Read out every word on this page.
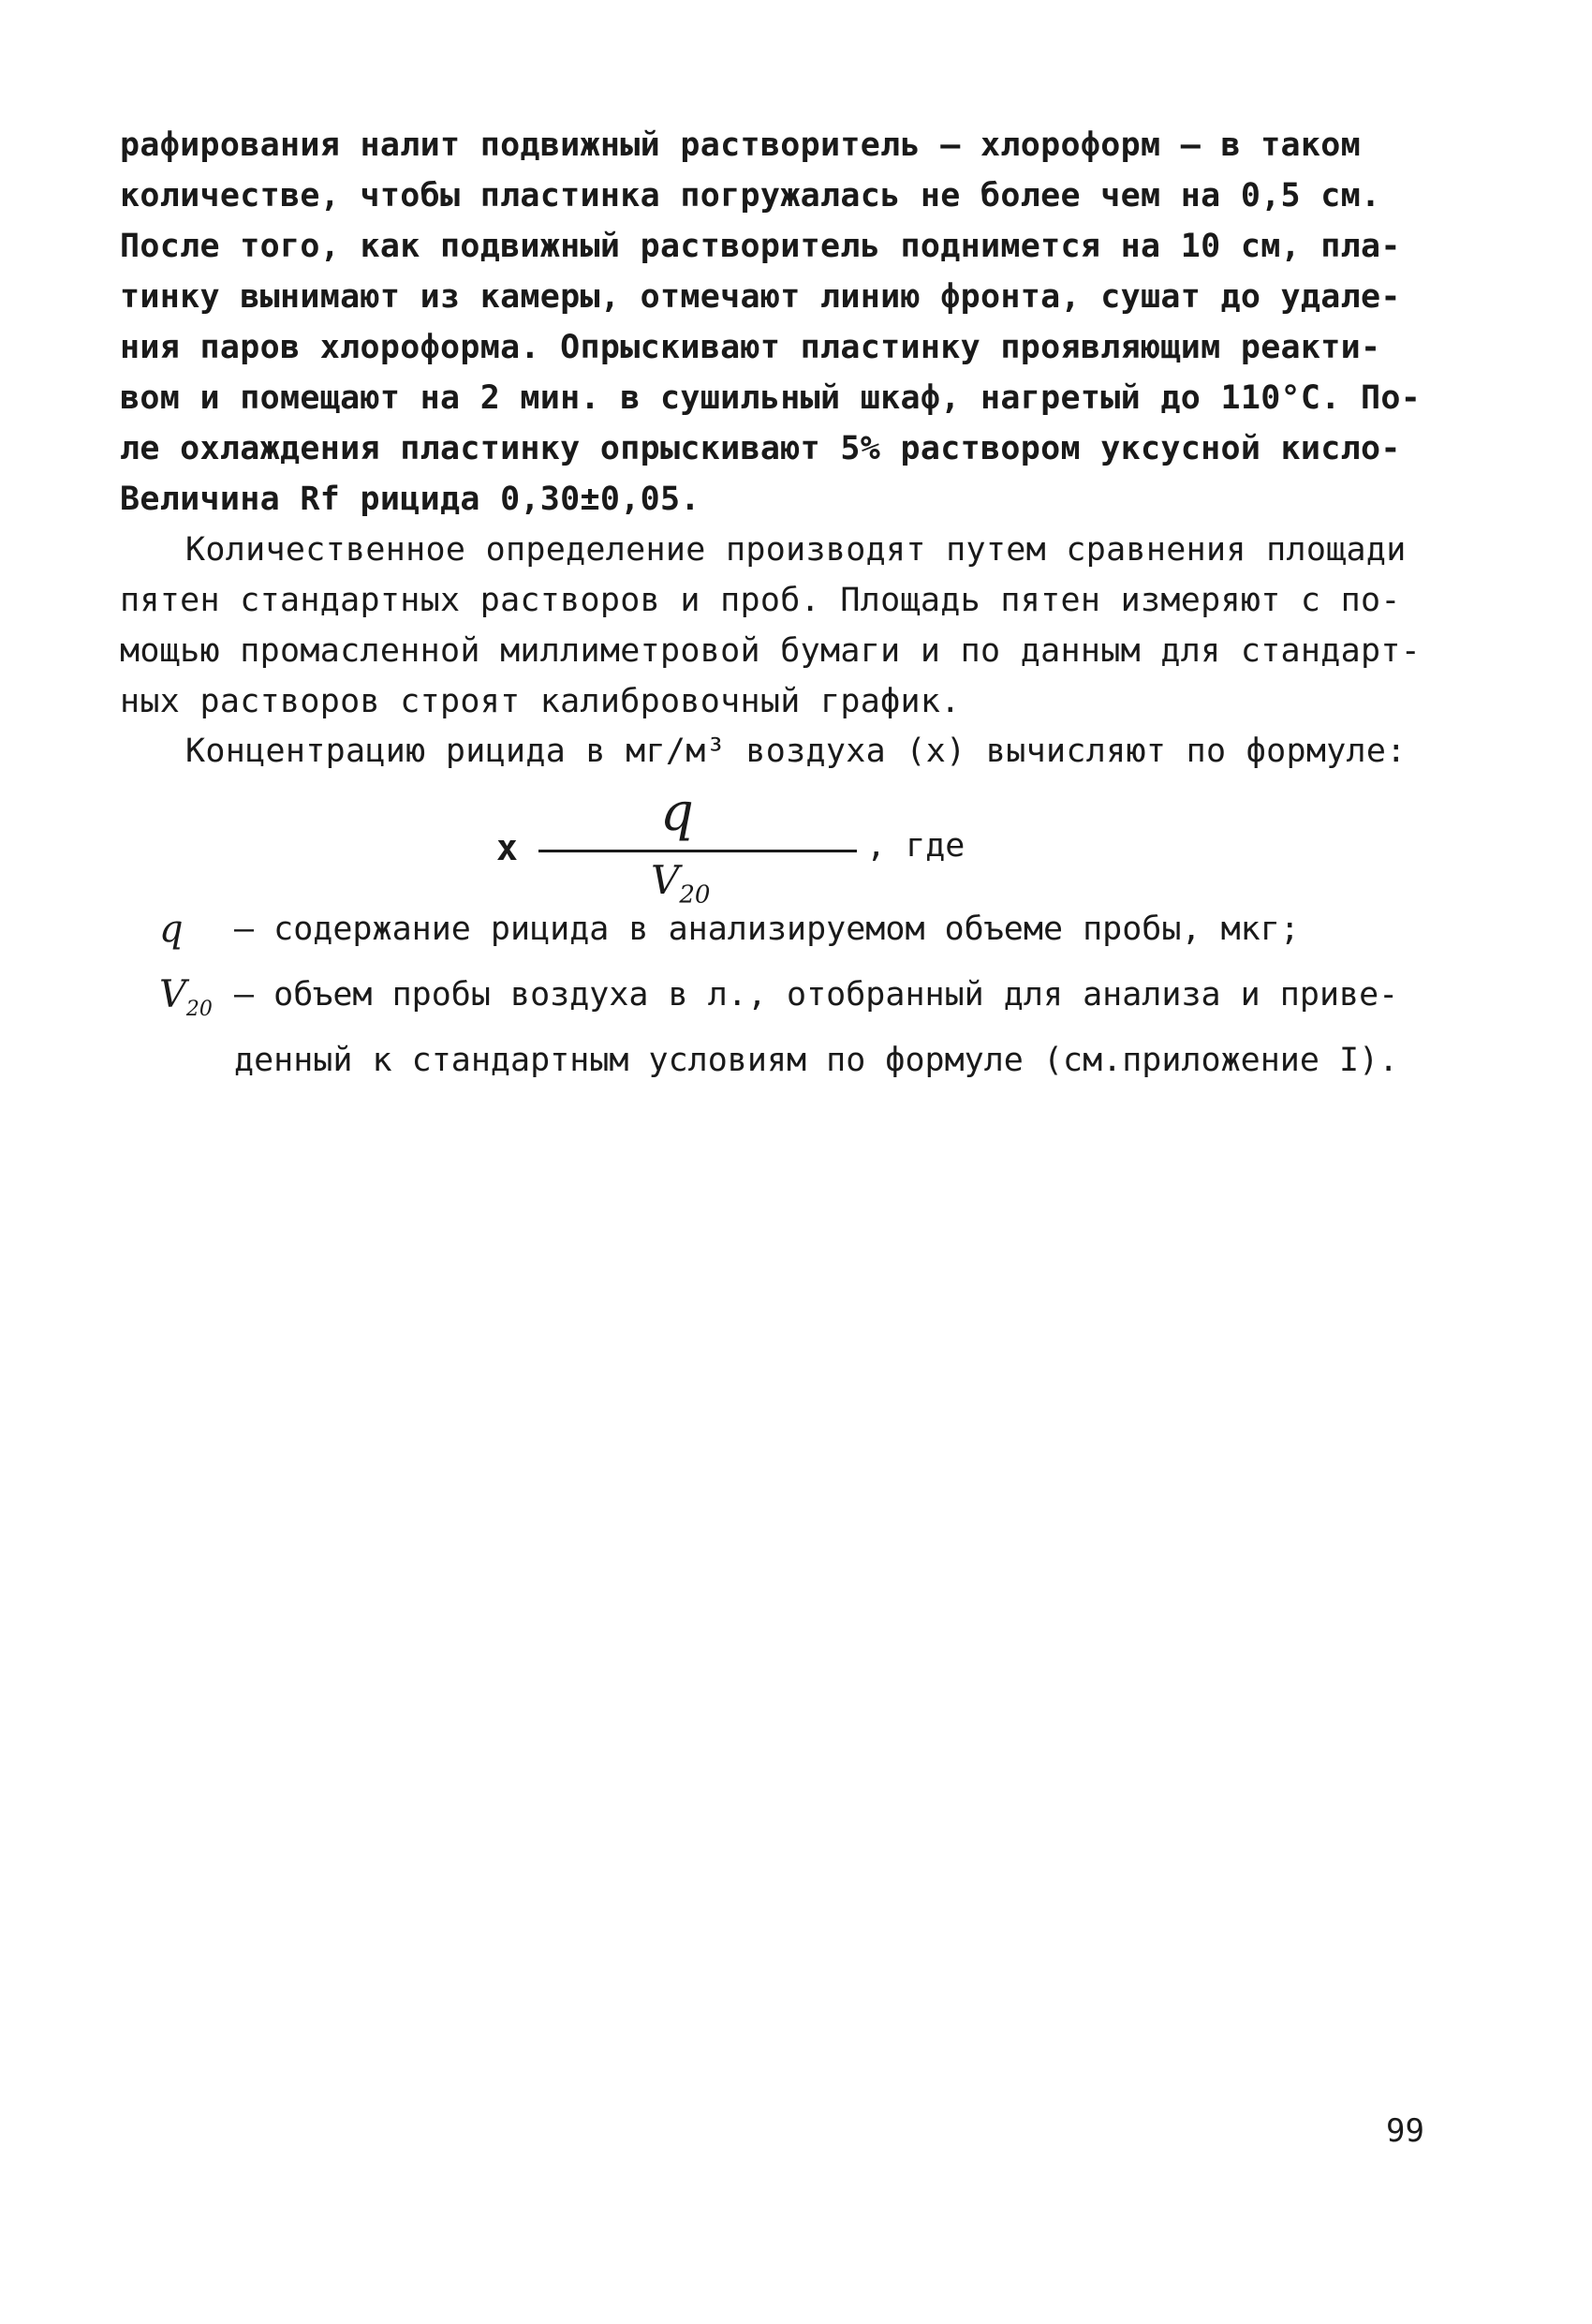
рафирования налит подвижный растворитель – хлороформ – в таком
количестве, чтобы пластинка погружалась не более чем на 0,5 см.
После того, как подвижный растворитель поднимется на 10 см, пла-
тинку вынимают из камеры, отмечают линию фронта, сушат до удале-
ния паров хлороформа. Опрыскивают пластинку проявляющим реакти-
вом и помещают на 2 мин. в сушильный шкаф, нагретый до 110°С. По-
ле охлаждения пластинку опрыскивают 5% раствором уксусной кисло-
Величина Rf рицида 0,30±0,05.
Количественное определение производят путем сравнения площади
пятен стандартных растворов и проб. Площадь пятен измеряют с по-
мощью промасленной миллиметровой бумаги и по данным для стандарт-
ных растворов строят калибровочный график.
Концентрацию рицида в мг/м³ воздуха (х) вычисляют по формуле:
х
q
$V_{20}$
, где
q	– содержание рицида в анализируемом объеме пробы, мкг;
$V_{20}$ – объем пробы воздуха в л., отобранный для анализа и приве-
денный к стандартным условиям по формуле (см.приложение I).
99
